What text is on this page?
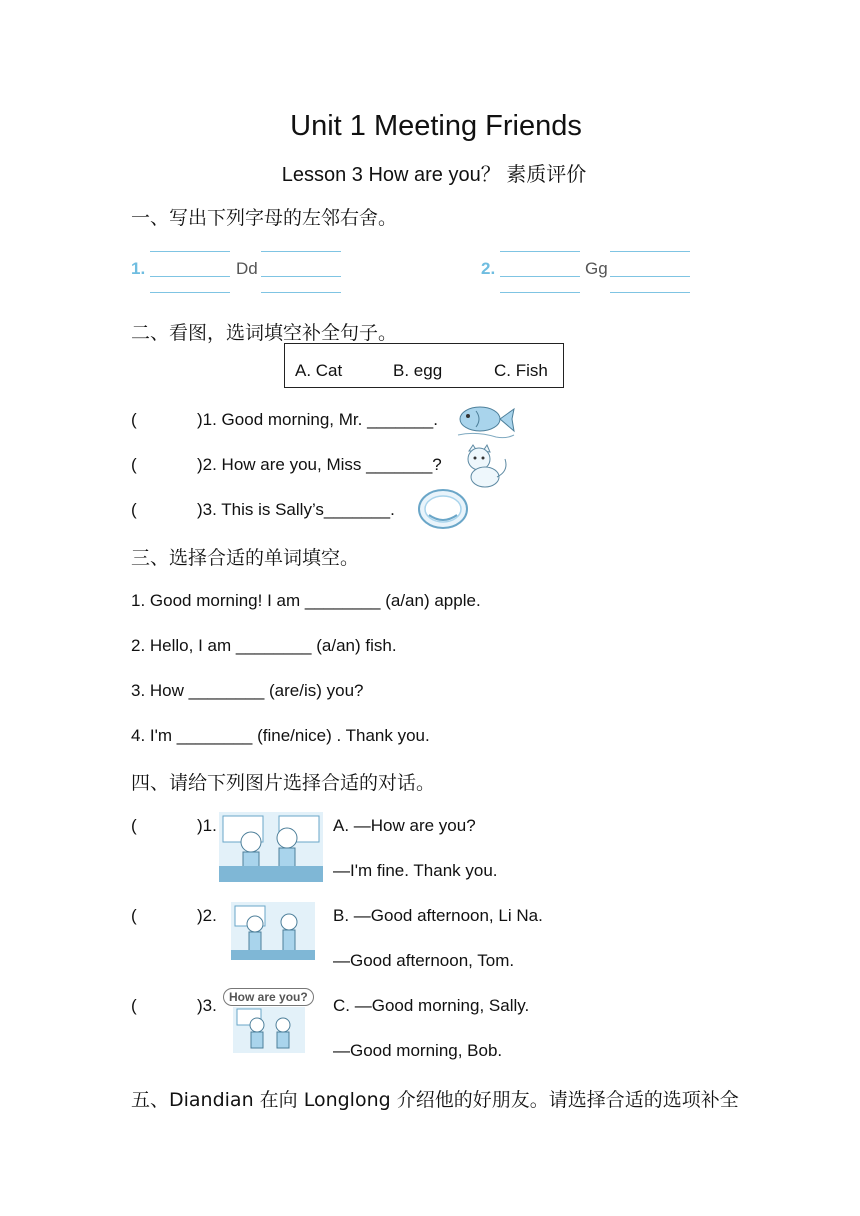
Unit 1 Meeting Friends
Lesson 3 How are you？ 素质评价
一、写出下列字母的左邻右舍。
1.	Dd	2.	Gg
二、看图，选词填空补全句子。
A. Cat	B. egg	C. Fish
(	)1. Good morning, Mr. _______.
(	)2. How are you, Miss _______?
(	)3. This is Sally’s_______.
三、选择合适的单词填空。
1. Good morning! I am ________ (a/an) apple.
2. Hello, I am ________ (a/an) fish.
3. How ________ (are/is) you?
4. I'm ________ (fine/nice) . Thank you.
四、请给下列图片选择合适的对话。
(	)1.	A. —How are you?
—I'm fine. Thank you.
(	)2.	B. —Good afternoon, Li Na.
—Good afternoon, Tom.
(	)3.	How are you?	C. —Good morning, Sally.
—Good morning, Bob.
五、Diandian 在向 Longlong 介绍他的好朋友。请选择合适的选项补全
